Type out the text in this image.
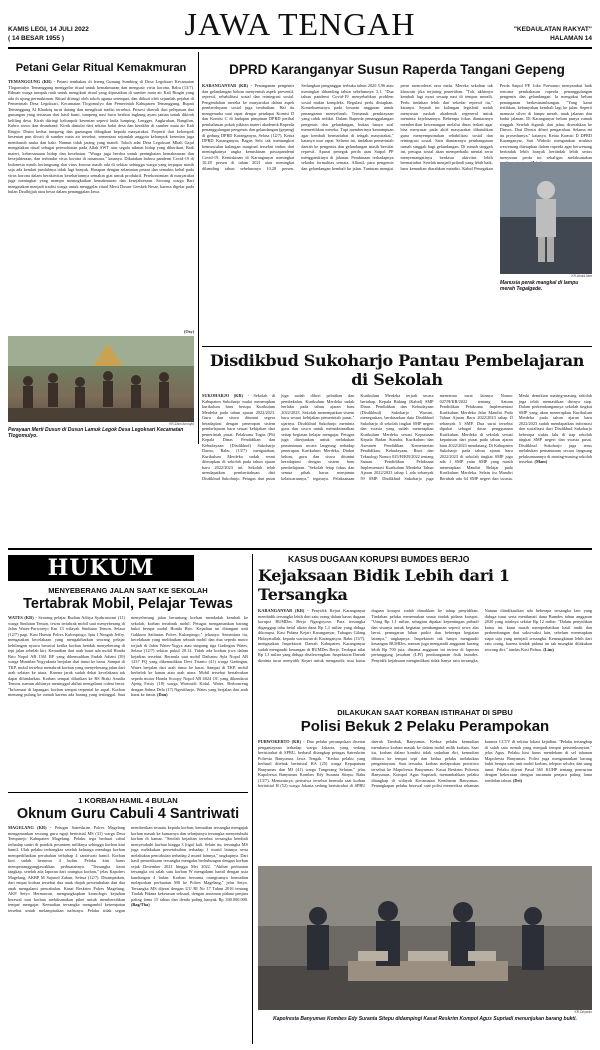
KAMIS LEGI, 14 JULI 2022
( 14 BESAR 1955 )	JAWA TENGAH	"KEDAULATAN RAKYAT"
HALAMAN 14
Petani Gelar Ritual Kemakmuran
TEMANGGUNG (KR) - Petani tembakau di lereng Gunung Sumbing di Desa Legoksari Kecamatan Tlogomulyo Temanggung menggelar ritual untuk kemakmuran dan mengusir virus korona, Rabu (13/7). Ribuan warga tumpah ruah untuk mengikuti ritual yang dipusatkan di sumber mata air Kali Ringin yang ada di ujung permukiman. Ritual diiringi oleh tokoh agama setempat, dan diikuti oleh sejumlah pejabat di Pemerintah Desa Legoksari, Kecamatan Tlogomulyo dan Pemerintah Kabupaten Temanggung. Bupati Temanggung Al Khadziq turut datang dan mengikuti tradisi tersebut. Prosesi diawali dari pelepasan dua gunungan yang tersusun dari hasil bumi, tumpeng nasi bucu berikut ingkung ayam jantan untuk dikirab keliling desa. Kirab diiringi kelompok kesenian seperti kuda lumping, Lengger, Angkrukan, Bangilun, Kubro siswo dan drumband. Kirab dimulai dari sekitar balai desa dan berakhir di sumber mata air Kali Ringin. Disini kedua tumpeng dan gunungan dibagikan kepada masyarakat. Properti dari kelompok kesenian pun dicuci di sumber mata air tersebut, sementara sejumlah anggota kelompok kesenian juga membasuh muka dan kaki. Namun tidak jarang yang mandi. Tokoh adat Desa Legoksari Mbah Gajul mengatakan ritual sebagai permohonan pada Allah SWT atas segala nikmat hidup yang diberikan. Baik materi, kebersamaan hidup dan kesehatan. "Warga juga berdoa untuk peningkatan kemakmuran dan kesejahteraan, dan terhindar virus korona di nusantara," katanya. Dikatakan bahwa pandemi Covid-19 di Indonesia masih berlangsung dan virus korona masih ada di sekitar sehingga warga yang terpapar masih saja ada kendati jumlahnya tidak lagi banyak. Harapan dengan selamatan petani dan semakin kebal pada virus korona dalam beraktivitas kesehariannya semakin giat untuk produktif. Perekonomian di masyarakat juga meningkat yang mampu meningkatkan kemakmuran dan kesejahteraan. Seorang warga Bari mengatakan menjadi tradisi warga untuk menggelar ritual Merti Dusun Gresbek Besar, karena digelar pada bulan Dzulhijjah atau besar dalam penanggalan Jawa.
(Osy)
KR-Zaini Arrosyid
Perayaan Merti Dusun di Dusun Lamuk Legok Desa Legoksari Kecamatan Tlogomulyo.
DPRD Karanganyar Susun Raperda Tangani Gepeng
KARANGANYAR (KR) - Penanganan pengemis dan gelandangan belum menyentuh aspek preventif, represif, rehabilitasi sosial dan reintegrasi sosial. Pengendalian mereka ke masyarakat dalam aspek pemberdayaan sosial juga terabaikan. Hal itu mengemuka saat rapat dengar pendapat Komisi D dan Komisi C di hadapan pimpinan DPRD perihal pembahasan pokok pikiran materi akademik Raperda penanggulangan pengemis dan gelandangan (gepeng) di gedung DPRD Karanganyar, Selasa (12/7). Ketua DPRD Karanganyar, Bagus Selo tak memungkiri kemunculan kalangan marginal tersebut imbas dari meningkatnya angka kemiskinan pascapandemi Covid-19. Kemiskinan di Karanganyar meningkat 10,28 persen di tahun 2021 atau meningkat dibanding tahun sebelumnya 10,28 persen. Sedangkan penganggur terbuka tahun 2020 5,96 atau meningkat dibanding tahun sebelumnya 3,1. "Dua tahun pandemi Covid-19 menyebabkan problem sosial makin kompleks. Regulasi perlu disiapkan. Konsekuensinya pada besaran anggaran untuk penanganan menyeluruh. Termasuk pembiayaan yang tidak sedikit. Dalam Raperda penanggulangan pengemis dan gelandangan, bukan hanya soal memertibkan mereka. Tapi memberinya kemampuan agar kembali bermartabat di tengah masyarakat," katanya usai rapat. Selama ini, tindakan pemerintah daerah ke pengemis dan gelandangan masih bersifat represif. Aparat penegak perda atau Satpol PP menggarukinya di jalanan. Pembinaan terhadapnya sekadar formalitas semata. Alhasil, para pengemis dan gelandangan kembali ke jalan. Tuntutan mengisi perut mencederai rasa malu. Mereka sekalian tak khawatir jika terjaring penertiban. "Toh, akhirnya kembali lagi nyari sesuap nasi di tempus meraih. Perlu tindakan lebih dari sekedar represif itu," katanya. Sejauh ini kalangan legislatif sudah menyusun naskah akademik regeneral untuk meminta kejelasannya. Beberapa fokus diantaranya memberikan kewenangan melalui dinas terkait agar bisa menyasar pada aktif masyarakat dibutuhkan guna menyempurnakan rehabilitasi sosial dan reintegrasi sosial. Satu diantaranya pembangunan rumah singgah bagi gelandangan. Di rumah singgah ini, petugas sosial akan memperbaiki mental serta menyemangatinya berdasar aktivitas lebih bermartabat. Setelah menjadi pribadi yang lebih baik, baru kemudian diarahkan mandiri. Kabid Penegakan Perda Satpol PP, Joko Purwanto menyambut baik rencana pembahasan raperda penanggulangan pengemis dan gelandangan. Ia mengakui belum penanganan berkesinambungan. "Yang kami tertibkan, kebanyakan kembali lagi ke jalan. Seperti manusia silver di lampu merah, anak jalanan dan badut jalanan. Di Karanganyar belum punya rumah singgah. Setelah digaruk dari jalan, diserahkan ke Dinsos. Dari Dinsos diberi pengarahan. Selama ini itu prosedurnya," katanya. Ketua Komisi D DPRD Karanganyar, Sari Widodo mengatakan struktur wewenang ditetapkan dalam raperda agar berwenang bertindak lebih banyak bertindak lebih serius menyusun perda ini sekaligus melaksanakan
KR-Abdul Alim
Manusia perak mangkal di lampu merah Tegalgede.
Disdikbud Sukoharjo Pantau Pembelajaran di Sekolah
SUKOHARJO (KR) - Sekolah di Kabupaten Sukoharjo mulai menerapkan kurikulum baru berupa Kurikulum Merdeka pada tahun ajaran 2022/2023. Guru dan siswa dituntut segera beradaptasi dengan penerapan sistem pembelajaran baru sesuai kebijakan dari pemerintah pusat. Pelaksana Tugas (Plt) Kepala Dinas Pendidikan dan Kebudayaan (Disdikbud) Sukoharjo Darno, Rabu (13/7) mengatakan, Kurikulum Merdeka sudah resmi diterapkan di sekolah pada tahun ajaran baru 2022/2023 ini. Sekolah telah mendapatkan pemberitahuan dari Disdikbud Sukoharjo. Petugas dari pusat juga sudah diberi pelatihan dan pembekalan. Kurikulum Merdeka sudah berlaku pada tahun ajaran baru 2022/2023. Sekolah menempatkan sistem baru sesuai kebijakan pemerintah pusat," ujarnya. Disdikbud Sukoharjo meminta guru dan siswa untuk memaksimalkan setiap kegiatan belajar mengajar. Petugas juga diterjunkan untuk melakukan pemantauan secara langsung terhadap penerapan Kurikulum Merdeka. Diakui belum, guru dan siswa dituntut beradaptasi dengan sistem baru pembelajaran. "Sekolah tetap fokus dan semua pihak harus menjamin kelancarannya," tegasnya. Pelaksanaan Kurikulum Merdeka terjadi secara bertahap. Kepala Bidang (Kabid) SMP Dinas Pendidikan dan Kebudayaan (Disdikbud) Sukoharjo Warsini, menegaskan, berdasarkan data Disdikbud Sukoharjo di sekolah tingkat SMP negeri dan swasta yang sudah menerapkan Kurikulum Merdeka sesuai Keputusan Kepala Badan Standar, Kurikulum dan Asesmen Pendidikan Kementerian Pendidikan, Kebudayaan, Riset dan Teknologi Nomor 025/H/KR/2022 tentang Satuan Pendidikan Pelaksana Implementasi Kurikulum Merdeka Tahun Ajaran 2022/2023 tahap 1 ada sebanyak 59 SMP. Disdikbud Sukoharjo juga menerima surat lainnya Nomor 027/H/KR/2022 tentang Satuan Pendidikan Pelaksana Implementasi Kurikulum Merdeka Jalur Mandiri Pada Tahun Ajaran Baru 2022/2023 tahap II sebanyak 5 SMP. Dua surat tersebut dipakai sebagai dasar penggunaan Kurikulum Merdeka di sekolah sesuai keputusan dari pusat pada tahun ajaran baru 2022/2023 mendatang. Di Kabupaten Sukoharjo pada tahun ajaran baru 2022/2023 di sekolah tingkat SMP juga ada 1 SMP yaitu SMP yang masih menerapkan Mandiri Belajar pada Kurikulum Merdeka. Selain itu Mandiri Berubah ada 64 SMP negeri dan swasta. Meski demikian masing-masing sekolah juga telah memastikan dirinya siap. Dalam perkembangannya sekolah tingkat SMP yang akan menerapkan Kurikulum Merdeka pada tahun ajaran baru 2022/2023 sudah mendapatkan informasi dan sosialisasi dari Disdikbud Sukoharjo beberapa waktu lalu di tiap sekolah tingkat SMP negeri dan swasta pusat. Disdikbud Sukoharjo juga terus melakukan pemantauan secara langsung pelaksanaannya di masing-masing sekolah tersebut. (Mam)
HUKUM
MENYEBERANG JALAN SAAT KE SEKOLAH
Tertabrak Mobil, Pelajar Tewas
WATES (KR) - Seorang pelajar Rudian Aditya Syahrustomi (11) warga Sindutan Temon, tewas tertabrak mobil saat menyeberang di Jalan Wates-Purworejo Km 13 wilayah Sindutan Temon, Selasa (12/7) pagi. Kasi Humas Polres Kulonprogo, Iptu I Nengah Jeffry, mengatakan kecelakaan yang mengakibatkan seorang pelajar kehilangan nyawa berawal ketika korban hendak menyeberang di tepi jalan sebelah kiri. Kemudian dari arah barat ada mobil Honda Brio Nopol AB 1361 RF yang dikemudikan Endah Adiani (39) warga Muntilan Yogyakarta berjalan dari timur ke barat. Sampai di TKP, mobil tersebut menabrak korban yang menyeberang jalan dari arah selatan ke utara. Karena jarak sudah dekat kecelakaan tak dapat dihindarkan. Korban sempat dilarikan ke RS Rizki Amalia Temon, namun akhirnya meninggal akibat mengalami cidera berat. "Informasi di lapangan, korban sempat terpental ke aspal. Korban memang pulang ke rumah karena ada barang yang tertinggal. Saat menyeberang jalan beruntung korban mendadak kembali ke sekolah, korban tertabrak mobil. Petugas mengamankan barang bukti berupa mobil Honda Brio. Kejadian ini ditangani unit Gakkum Satlantas Polres Kulonprogo," jelasnya. Sementara itu, kecelakaan yang melibatkan sebuah mobil dan dua sepeda motor terjadi di Jalan Wates-Yogya atau simpang tiga Gadingan Wates, Selasa (12/7) sekitar pukul 20.12. Tidak ada korban jiwa dalam kejadian tersebut. Bermula saat mobil Daihatsu Ayla Nopol AB 1237 FQ yang dikemudikan Devi Trianto (41) warga Gadingan, Wates berjalan dari arah timur ke barat. Sampai di TKP, mobil berbelok ke kanan atau arah utara. Mobil tersebut bertabrakan sepeda motor Honda Scoopy Nopol AB 4024 OC yang dikendarai Ajeng Fristy (18) warga Wonosidi Kidul, Wates. Berbonceng dengan Salma Dela (17) Ngestiharjo, Wates yang berjalan dari arah barat ke timur. (Dan)
1 KORBAN HAMIL 4 BULAN
Oknum Guru Cabuli 4 Santriwati
MAGELANG (KR) - Petugas Satreskrim Polres Magelang mengamankan seorang guru ngaji berinisial MS (31) warga Desa Tempurejo Kabupaten Magelang. Pelaku tega berbuat cabul terhadap santri di pondok pesantren miliknya sehingga korban kini hamil. Ulah pelaku terbongkar setelah keluarga menduga korban memperlihatkan perubahan terbahap 4 santriwati hamil. Korban kini sudah berumur 4 bulan. Pelaku kini harus mempertanggungjawabkan perbuatannya. "Tersangka kami tangkap, setelah ada laporan dari orangtua korban," jelas Kapolres Magelang, AKBP M Sajarod Zakun, Selasa (12/7). Disampaikan, dari empat korban tersebut dua anak diajak persetubuhan dan dua anak mengalami pencabulan. Kasat Reskrim Polres Magelang, AKP Setyo Hermawan, mengungkapkan kronologis kejadian berawal saat korban melaksanakan piket untuk membersihkan tempat mengajar. Kemudian tersangka mengambil kesempatan tersebut untuk melampiaskan nafsunya. Pelaku tidak segan memberikan sesuatu kepada korban, kemudian tersangka mengajak korban masuk ke kamarnya dan selanjutnya tersangka menyetubuhi korban di kamar. "Setelah kejadian tersebut tersangka kembali menyetubuhi korban hingga 3 (tiga) kali. Selain itu, tersangka MS juga melakukan persetubuhan terhadap 1 murid lainnya serta melakukan pencabulan terhadap 2 murid lainnya," ungkapnya. Dari hasil pemeriksaan tersangka mengaku berhubungan dengan korban sejak Desember 2021 hingga Mei 2022. "Akibat perbuatan tersangka ini salah satu korban W mengalami hamil dengan usia kandungan 4 bulan. Korban bersama orangtuanya kemudian melaporkan perbuatan MS ke Polres Magelang," jelas Setyo. Tersangka MS dijerat dengan UU RI No 17 Tahun 2016 tentang Tindak Pidana kekerasan seksual, dengan ancaman pidana penjara paling lama 15 tahun dan denda paling banyak Rp 300.000.000. (Bag/Tha)
KASUS DUGAAN KORUPSI BUMDES BERJO
Kejaksaan Bidik Lebih dari 1 Tersangka
KARANGANYAR (KR) - Penyidik Kejari Karanganyar membidik tersangka lebih dari satu orang dalam kasus dugaan korupsi BUMDes Berjo Ngargoyoso. Para tersangka diganggap tahu betul aliran dana Rp 1,1 miliar yang diduga dikorupsi. Kasi Pidana Kejari Karanganyar, Tubagus Gilang Hidayatullah, kepada wartawan di Karanganyar, Rabu (13/7), mengatakan Inspektorat Daerah Kabupaten Karanganyar sudah mengaudit keuangan di BUMDes Berjo. Terdapat nilai Rp 1,1 miliar yang diduga diselewengkan. Inspektorat Daerah diminta turut menyidik Kejari untuk mengaudit, usai kasus dugaan korupsi sudah dinaikkan ke tahap penyidikan. Tindakan pelaku menemukan unsur tindak pidana korupsi. "Uang Rp 1,1 miliar, sebagian dipakai kepentingan pribadi dan sisanya untuk kegiatan pembangunan seperti sewa alat berat, pemugaran lahan parkir dan beberapa kegiatan lainnya," ungkapnya. Inspektorat tak hanya mengaudit keuangan BUMDes, namun juga mengaudit anggaran kurang lebih Rp 700 juta, dinama anggaran ini tertera di laporan pertanggung jawaban (LPJ) pembangunan fisik bumdes. Penyidik kejaksaan mengindikasi tidak hanya satu tersangka. Namun diindikasikan ada beberapa tersangka lain yang diduga turut serta menikmati dana Bumdes tahun anggaran 2020 yang totalnya sekitar Rp 12 miliar. "Dalam penyidikan kasus ini, kami masih memperhatikan hasil audit dan perkembangan dari saksi-saksi lain, sebelum menetapkan siapa saja yang menjadi tersangka. Kemungkinan lebih dari satu orang, karena tindak pidana ini tak mungkin dilakukan seorang diri," tandas Kasi Pidsus. (Lim)
DILAKUKAN SAAT KORBAN ISTIRAHAT DI SPBU
Polisi Bekuk 2 Pelaku Perampokan
PURWOKERTO (KR) - Dua pelaku perampokan disertai penganiayaan terhadap warga Jakarta, yang sedang beristirahat di SPBU, berhasil ditangkap petugas Satreskrim Polresta Banyumas Jawa Tengah. "Kedua pelaku yang berhasil ditebak berinisial RA (25) warga Kepapatuan Banyumas dan MI (41) warga Tangerang Selatan," jelas Kapolresta Banyumas Kombes Edy Suranta Sitepu, Rabu (13/7). Menurutnya, peristiwa tersebut bermula saat korban berinisial H (52) warga Jakarta sedang beristirahat di SPBU daerah Tambak, Banyumas. Kedua pelaku kemudian membawa korban masuk ke dalam mobil milik korban. Saat itu, korban dalam kondisi tidak sadarkan diri, kemudian dibawa ke tempat sepi dan kedua pelaku melakukan penganiayaan. Saat tersadar, korban melaporkan peristiwa tersebut ke Mapolresta Banyumas. Kasat Reskrim Polresta Banyumas, Kompol Agus Supriadi, menambahkan pelaku ditangkap di wilayah Kecamatan Kembaran Banyumas. Penangkapan pelaku berawal saat polisi memeriksa rekaman kamera CCTV di sekitar lokasi kejadian. "Pelaku tertangkap di salah satu rumah yang menjadi tempat persembunyian," jelas Agus. Pelaku kini harus mendekam di sel tahanan Mapolresta Banyumas. Polisi juga mengamankan barang bukti berupa satu unit mobil korban, telepon seluler, dan uang tunai. Pelaku dijerat Pasal 365 KUHP tentang pencurian dengan kekerasan dengan ancaman penjara paling lama sembilan tahun. (Dri)
KR-Driyanto
Kapolresta Banyumas Kombes Edy Suranta Sitepu didampingi Kasat Reskrim Kompol Agus Supriadi menunjukan barang bukti.
